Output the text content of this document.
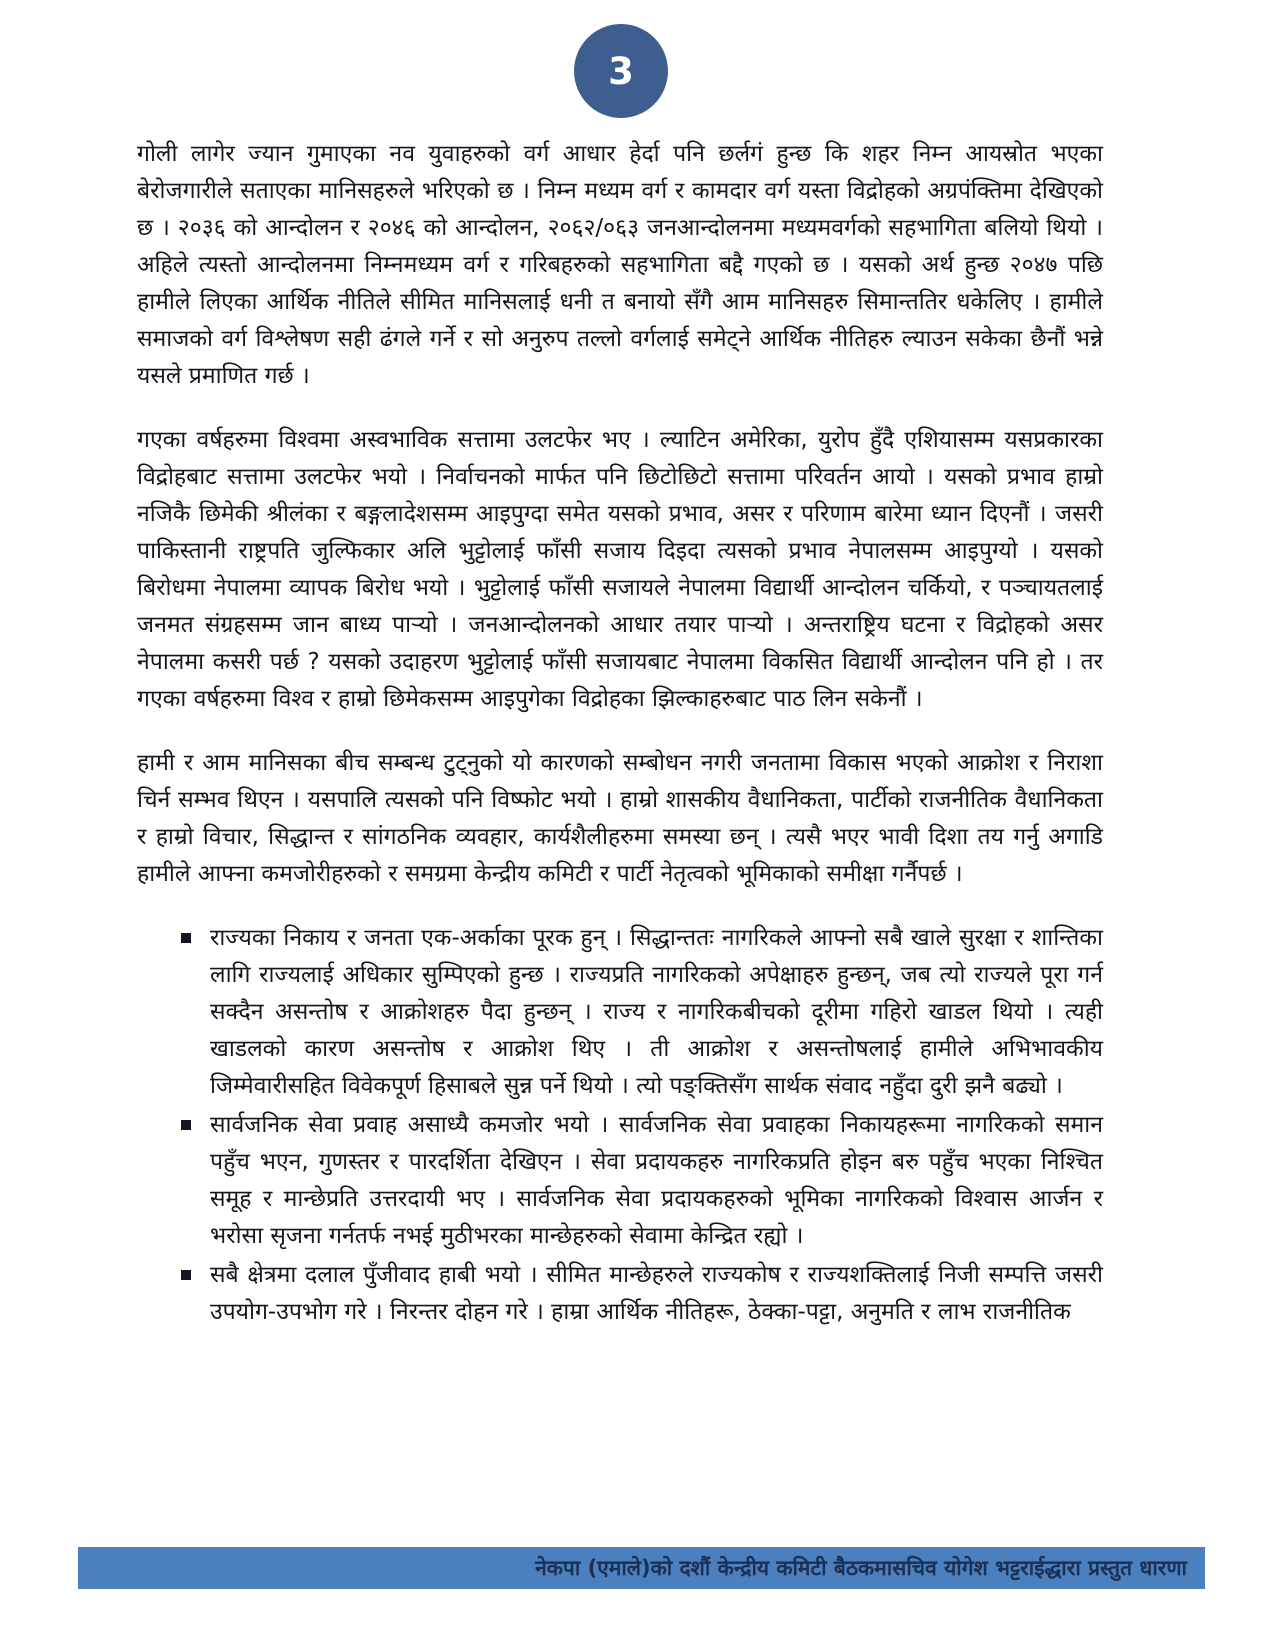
3

गोली लागेर ज्यान गुमाएका नव युवाहरुको वर्ग आधार हेर्दा पनि छर्लगं हुन्छ कि शहर निम्न आयस्रोत भएका बेरोजगारीले सताएका मानिसहरुले भरिएको छ । निम्न मध्यम वर्ग र कामदार वर्ग यस्ता विद्रोहको अग्रपंक्तिमा देखिएको छ । २०३६ को आन्दोलन र २०४६ को आन्दोलन, २०६२/०६३ जनआन्दोलनमा मध्यमवर्गको सहभागिता बलियो थियो । अहिले त्यस्तो आन्दोलनमा निम्नमध्यम वर्ग र गरिबहरुको सहभागिता बद्दै गएको छ । यसको अर्थ हुन्छ २०४७ पछि हामीले लिएका आर्थिक नीतिले सीमित मानिसलाई धनी त बनायो सँगै आम मानिसहरु सिमान्ततिर धकेलिए । हामीले समाजको वर्ग विश्लेषण सही ढंगले गर्ने र सो अनुरुप तल्लो वर्गलाई समेट्ने आर्थिक नीतिहरु ल्याउन सकेका छैनौं भन्ने यसले प्रमाणित गर्छ ।

गएका वर्षहरुमा विश्वमा अस्वभाविक सत्तामा उलटफेर भए । ल्याटिन अमेरिका, युरोप हुँदै एशियासम्म यसप्रकारका विद्रोहबाट सत्तामा उलटफेर भयो । निर्वाचनको मार्फत पनि छिटोछिटो सत्तामा परिवर्तन आयो । यसको प्रभाव हाम्रो नजिकै छिमेकी श्रीलंका र बङ्गलादेशसम्म आइपुग्दा समेत यसको प्रभाव, असर र परिणाम बारेमा ध्यान दिएनौं । जसरी पाकिस्तानी राष्ट्रपति जुल्फिकार अलि भुट्टोलाई फाँसी सजाय दिइदा त्यसको प्रभाव नेपालसम्म आइपुग्यो । यसको बिरोधमा नेपालमा व्यापक बिरोध भयो । भुट्टोलाई फाँसी सजायले नेपालमा विद्यार्थी आन्दोलन चर्कियो, र पञ्चायतलाई जनमत संग्रहसम्म जान बाध्य पार्‍यो । जनआन्दोलनको आधार तयार पार्‍यो । अन्तराष्ट्रिय घटना र विद्रोहको असर नेपालमा कसरी पर्छ ? यसको उदाहरण भुट्टोलाई फाँसी सजायबाट नेपालमा विकसित विद्यार्थी आन्दोलन पनि हो । तर गएका वर्षहरुमा विश्व र हाम्रो छिमेकसम्म आइपुगेका विद्रोहका झिल्काहरुबाट पाठ लिन सकेनौं ।

हामी र आम मानिसका बीच सम्बन्ध टुट्नुको यो कारणको सम्बोधन नगरी जनतामा विकास भएको आक्रोश र निराशा चिर्न सम्भव थिएन । यसपालि त्यसको पनि विष्फोट भयो । हाम्रो शासकीय वैधानिकता, पार्टीको राजनीतिक वैधानिकता र हाम्रो विचार, सिद्धान्त र सांगठनिक व्यवहार, कार्यशैलीहरुमा समस्या छन् । त्यसै भएर भावी दिशा तय गर्नु अगाडि हामीले आफ्ना कमजोरीहरुको र समग्रमा केन्द्रीय कमिटी र पार्टी नेतृत्वको भूमिकाको समीक्षा गर्नैपर्छ ।

राज्यका निकाय र जनता एक-अर्काका पूरक हुन् । सिद्धान्ततः नागरिकले आफ्नो सबै खाले सुरक्षा र शान्तिका लागि राज्यलाई अधिकार सुम्पिएको हुन्छ । राज्यप्रति नागरिकको अपेक्षाहरु हुन्छन्, जब त्यो राज्यले पूरा गर्न सक्दैन असन्तोष र आक्रोशहरु पैदा हुन्छन् । राज्य र नागरिकबीचको दूरीमा गहिरो खाडल थियो । त्यही खाडलको कारण असन्तोष र आक्रोश थिए । ती आक्रोश र असन्तोषलाई हामीले अभिभावकीय जिम्मेवारीसहित विवेकपूर्ण हिसाबले सुन्न पर्ने थियो । त्यो पङ्क्तिसँग सार्थक संवाद नहुँदा दुरी झनै बढ्यो ।
सार्वजनिक सेवा प्रवाह असाध्यै कमजोर भयो । सार्वजनिक सेवा प्रवाहका निकायहरूमा नागरिकको समान पहुँच भएन, गुणस्तर र पारदर्शिता देखिएन । सेवा प्रदायकहरु नागरिकप्रति होइन बरु पहुँच भएका निश्चित समूह र मान्छेप्रति उत्तरदायी भए । सार्वजनिक सेवा प्रदायकहरुको भूमिका नागरिकको विश्वास आर्जन र भरोसा सृजना गर्नतर्फ नभई मुठीभरका मान्छेहरुको सेवामा केन्द्रित रह्यो ।
सबै क्षेत्रमा दलाल पुँजीवाद हाबी भयो । सीमित मान्छेहरुले राज्यकोष र राज्यशक्तिलाई निजी सम्पत्ति जसरी उपयोग-उपभोग गरे । निरन्तर दोहन गरे । हाम्रा आर्थिक नीतिहरू, ठेक्का-पट्टा, अनुमति र लाभ राजनीतिक
नेकपा (एमाले)को दशौं केन्द्रीय कमिटी बैठकमासचिव योगेश भट्टराईद्धारा प्रस्तुत धारणा
